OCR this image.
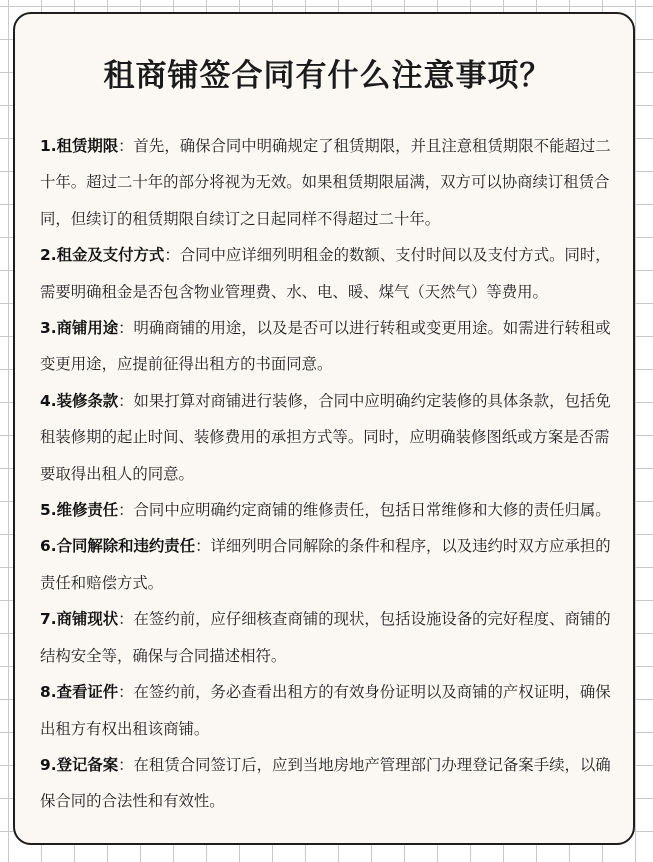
租商铺签合同有什么注意事项？

1.租赁期限：首先，确保合同中明确规定了租赁期限，并且注意租赁期限不能超过二十年。超过二十年的部分将视为无效。如果租赁期限届满，双方可以协商续订租赁合同，但续订的租赁期限自续订之日起同样不得超过二十年。

2.租金及支付方式：合同中应详细列明租金的数额、支付时间以及支付方式。同时，需要明确租金是否包含物业管理费、水、电、暖、煤气（天然气）等费用。

3.商铺用途：明确商铺的用途，以及是否可以进行转租或变更用途。如需进行转租或变更用途，应提前征得出租方的书面同意。

4.装修条款：如果打算对商铺进行装修，合同中应明确约定装修的具体条款，包括免租装修期的起止时间、装修费用的承担方式等。同时，应明确装修图纸或方案是否需要取得出租人的同意。

5.维修责任：合同中应明确约定商铺的维修责任，包括日常维修和大修的责任归属。

6.合同解除和违约责任：详细列明合同解除的条件和程序，以及违约时双方应承担的责任和赔偿方式。

7.商铺现状：在签约前，应仔细核查商铺的现状，包括设施设备的完好程度、商铺的结构安全等，确保与合同描述相符。

8.查看证件：在签约前，务必查看出租方的有效身份证明以及商铺的产权证明，确保出租方有权出租该商铺。

9.登记备案：在租赁合同签订后，应到当地房地产管理部门办理登记备案手续，以确保合同的合法性和有效性。
